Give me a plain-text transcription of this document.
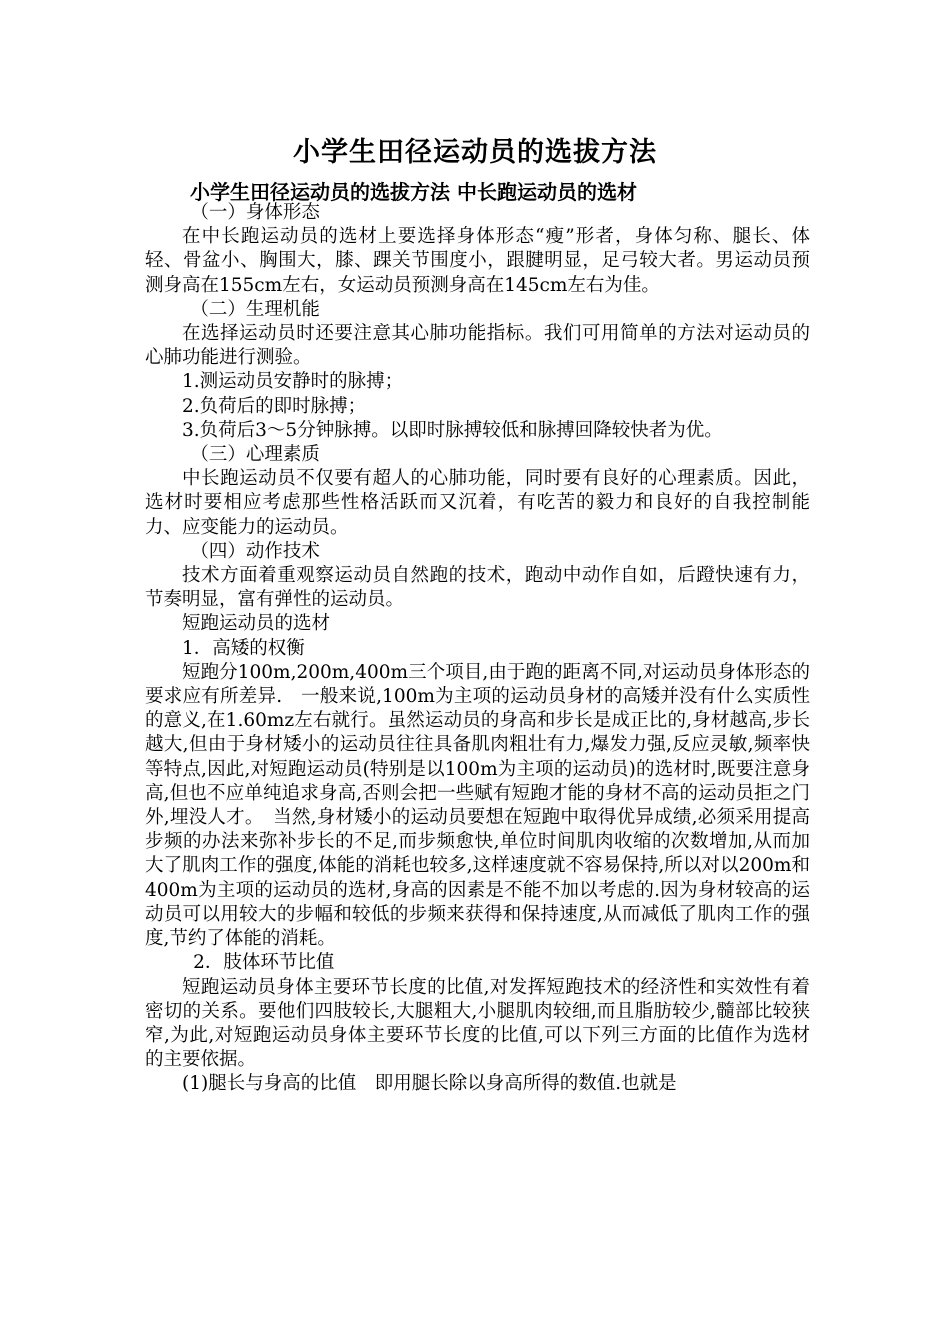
小学生田径运动员的选拔方法
小学生田径运动员的选拔方法 中长跑运动员的选材

（一）身体形态

在中长跑运动员的选材上要选择身体形态“瘦”形者，身体匀称、腿长、体轻、骨盆小、胸围大，膝、踝关节围度小，跟腱明显，足弓较大者。男运动员预测身高在155cm左右，女运动员预测身高在145cm左右为佳。

（二）生理机能

在选择运动员时还要注意其心肺功能指标。我们可用简单的方法对运动员的心肺功能进行测验。

1.测运动员安静时的脉搏；

2.负荷后的即时脉搏；

3.负荷后3～5分钟脉搏。以即时脉搏较低和脉搏回降较快者为优。

（三）心理素质

中长跑运动员不仅要有超人的心肺功能，同时要有良好的心理素质。因此，选材时要相应考虑那些性格活跃而又沉着，有吃苦的毅力和良好的自我控制能力、应变能力的运动员。

（四）动作技术

技术方面着重观察运动员自然跑的技术，跑动中动作自如，后蹬快速有力，节奏明显，富有弹性的运动员。

短跑运动员的选材

1．高矮的权衡

短跑分100m,200m,400m三个项目,由于跑的距离不同,对运动员身体形态的要求应有所差异.　一般来说,100m为主项的运动员身材的高矮并没有什么实质性的意义,在1.60mz左右就行。虽然运动员的身高和步长是成正比的,身材越高,步长越大,但由于身材矮小的运动员往往具备肌肉粗壮有力,爆发力强,反应灵敏,频率快等特点,因此,对短跑运动员(特别是以100m为主项的运动员)的选材时,既要注意身高,但也不应单纯追求身高,否则会把一些赋有短跑才能的身材不高的运动员拒之门外,埋没人才。　当然,身材矮小的运动员要想在短跑中取得优异成绩,必须采用提高步频的办法来弥补步长的不足,而步频愈快,单位时间肌肉收缩的次数增加,从而加大了肌肉工作的强度,体能的消耗也较多,这样速度就不容易保持,所以对以200m和400m为主项的运动员的选材,身高的因素是不能不加以考虑的.因为身材较高的运动员可以用较大的步幅和较低的步频来获得和保持速度,从而减低了肌肉工作的强度,节约了体能的消耗。

2．肢体环节比值

短跑运动员身体主要环节长度的比值,对发挥短跑技术的经济性和实效性有着密切的关系。要他们四肢较长,大腿粗大,小腿肌肉较细,而且脂肪较少,髓部比较狭窄,为此,对短跑运动员身体主要环节长度的比值,可以下列三方面的比值作为选材的主要依据。

(1)腿长与身高的比值　即用腿长除以身高所得的数值.也就是
